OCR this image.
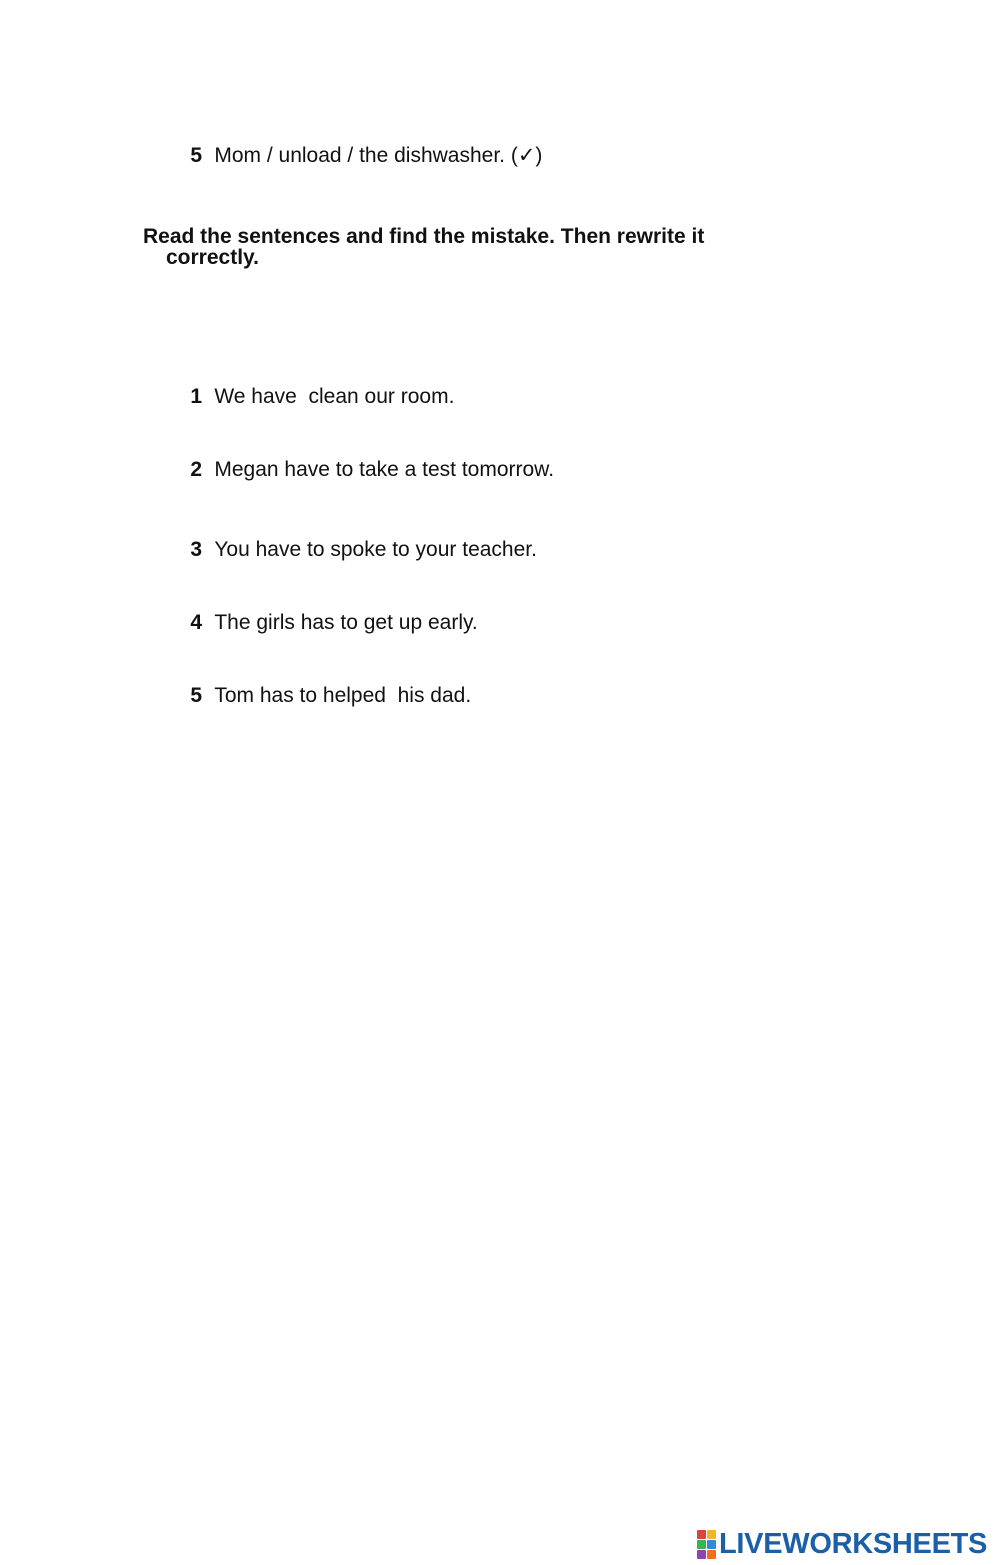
5 Mom / unload / the dishwasher. (✓)

Read the sentences and find the mistake. Then rewrite it
correctly.

1 We have  clean our room.

2 Megan have to take a test tomorrow.

3 You have to spoke to your teacher.

4 The girls has to get up early.

5 Tom has to helped  his dad.

LIVEWORKSHEETS
